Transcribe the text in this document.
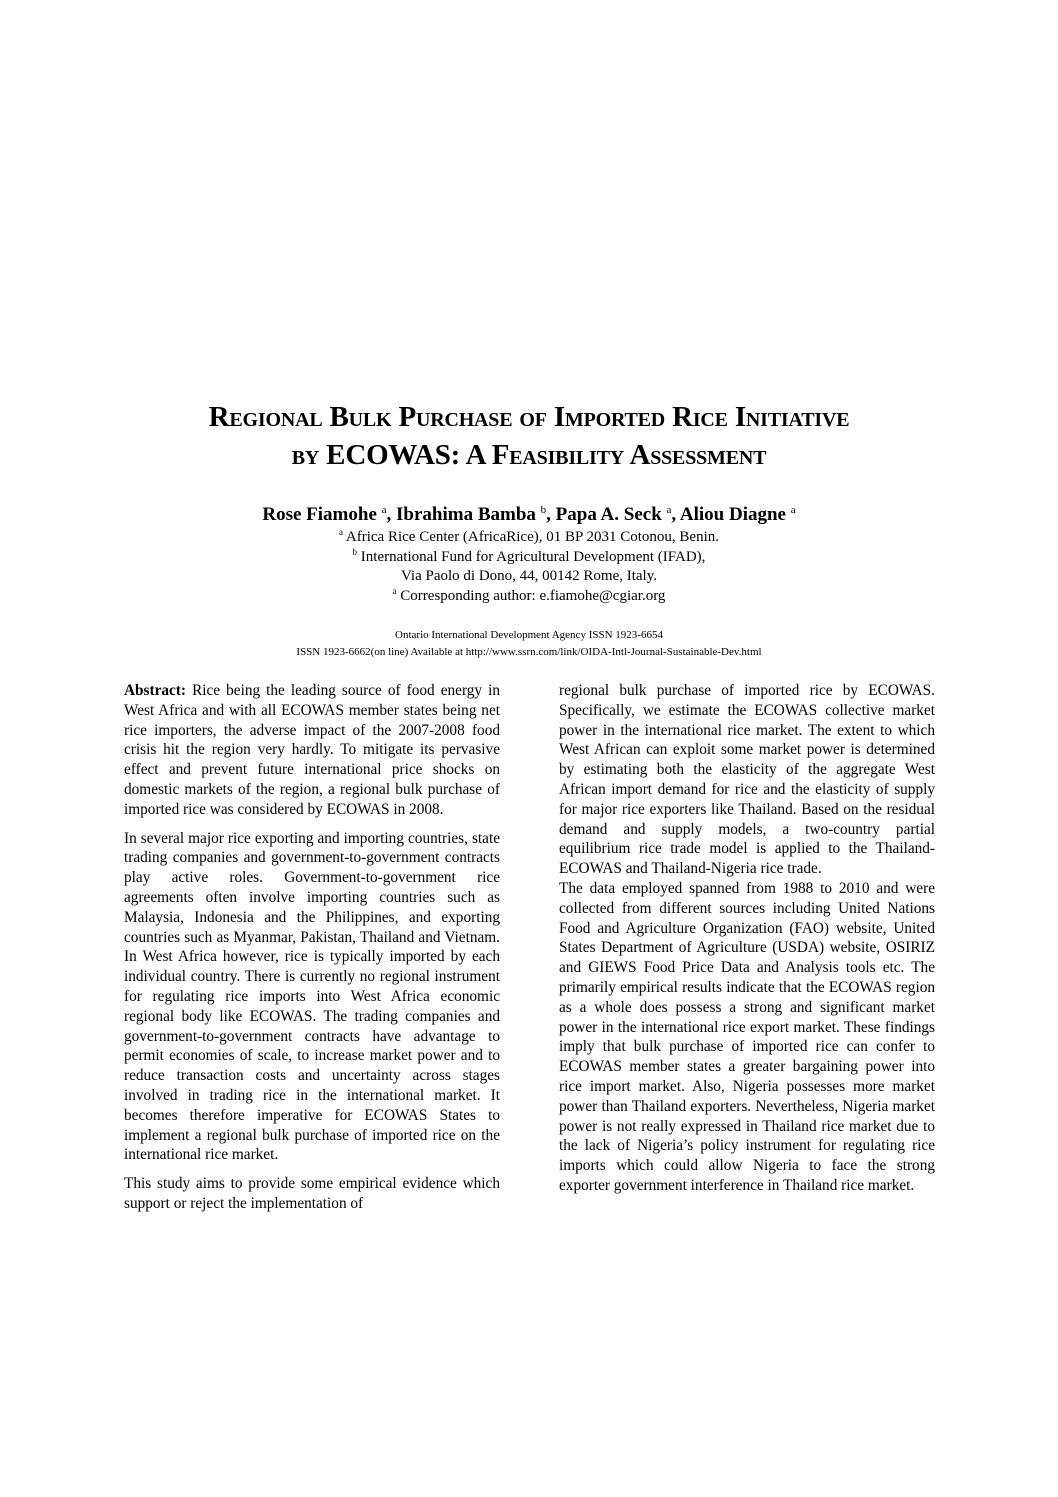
Regional Bulk Purchase of Imported Rice Initiative
by ECOWAS: A Feasibility Assessment
Rose Fiamohe $^a$, Ibrahima Bamba $^b$, Papa A. Seck $^a$, Aliou Diagne $^a$
$^a$ Africa Rice Center (AfricaRice), 01 BP 2031 Cotonou, Benin.
$^b$ International Fund for Agricultural Development (IFAD),
Via Paolo di Dono, 44, 00142 Rome, Italy.
$^a$ Corresponding author: e.fiamohe@cgiar.org
Ontario International Development Agency ISSN 1923-6654
ISSN 1923-6662(on line) Available at http://www.ssrn.com/link/OIDA-Intl-Journal-Sustainable-Dev.html

Abstract: Rice being the leading source of food energy in West Africa and with all ECOWAS member states being net rice importers, the adverse impact of the 2007-2008 food crisis hit the region very hardly. To mitigate its pervasive effect and prevent future international price shocks on domestic markets of the region, a regional bulk purchase of imported rice was considered by ECOWAS in 2008.

In several major rice exporting and importing countries, state trading companies and government-to-government contracts play active roles. Government-to-government rice agreements often involve importing countries such as Malaysia, Indonesia and the Philippines, and exporting countries such as Myanmar, Pakistan, Thailand and Vietnam. In West Africa however, rice is typically imported by each individual country. There is currently no regional instrument for regulating rice imports into West Africa economic regional body like ECOWAS. The trading companies and government-to-government contracts have advantage to permit economies of scale, to increase market power and to reduce transaction costs and uncertainty across stages involved in trading rice in the international market. It becomes therefore imperative for ECOWAS States to implement a regional bulk purchase of imported rice on the international rice market.

This study aims to provide some empirical evidence which support or reject the implementation of

regional bulk purchase of imported rice by ECOWAS. Specifically, we estimate the ECOWAS collective market power in the international rice market. The extent to which West African can exploit some market power is determined by estimating both the elasticity of the aggregate West African import demand for rice and the elasticity of supply for major rice exporters like Thailand. Based on the residual demand and supply models, a two-country partial equilibrium rice trade model is applied to the Thailand-ECOWAS and Thailand-Nigeria rice trade.

The data employed spanned from 1988 to 2010 and were collected from different sources including United Nations Food and Agriculture Organization (FAO) website, United States Department of Agriculture (USDA) website, OSIRIZ and GIEWS Food Price Data and Analysis tools etc. The primarily empirical results indicate that the ECOWAS region as a whole does possess a strong and significant market power in the international rice export market. These findings imply that bulk purchase of imported rice can confer to ECOWAS member states a greater bargaining power into rice import market. Also, Nigeria possesses more market power than Thailand exporters. Nevertheless, Nigeria market power is not really expressed in Thailand rice market due to the lack of Nigeria’s policy instrument for regulating rice imports which could allow Nigeria to face the strong exporter government interference in Thailand rice market.
